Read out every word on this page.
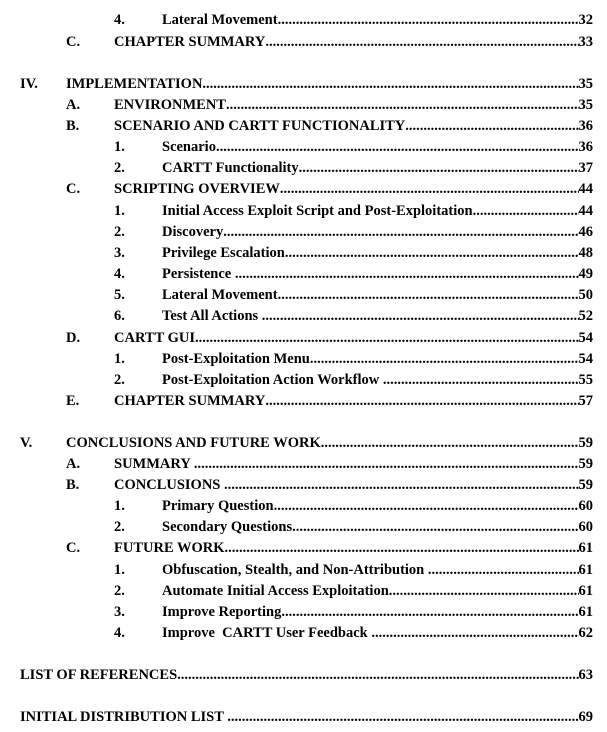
4.	Lateral Movement .....	32
C. CHAPTER SUMMARY .....	33
IV. IMPLEMENTATION .....	35
A. ENVIRONMENT .....	35
B. SCENARIO AND CARTT FUNCTIONALITY .....	36
1.	Scenario .....	36
2.	CARTT Functionality .....	37
C. SCRIPTING OVERVIEW .....	44
1.	Initial Access Exploit Script and Post-Exploitation .....	44
2.	Discovery .....	46
3.	Privilege Escalation .....	48
4.	Persistence .....	49
5.	Lateral Movement .....	50
6.	Test All Actions .....	52
D. CARTT GUI .....	54
1.	Post-Exploitation Menu .....	54
2.	Post-Exploitation Action Workflow .....	55
E. CHAPTER SUMMARY .....	57
V. CONCLUSIONS AND FUTURE WORK .....	59
A. SUMMARY .....	59
B. CONCLUSIONS .....	59
1.	Primary Question .....	60
2.	Secondary Questions .....	60
C. FUTURE WORK .....	61
1.	Obfuscation, Stealth, and Non-Attribution .....	61
2.	Automate Initial Access Exploitation .....	61
3.	Improve Reporting .....	61
4.	Improve  CARTT User Feedback .....	62
LIST OF REFERENCES .....	63
INITIAL DISTRIBUTION LIST .....	69
